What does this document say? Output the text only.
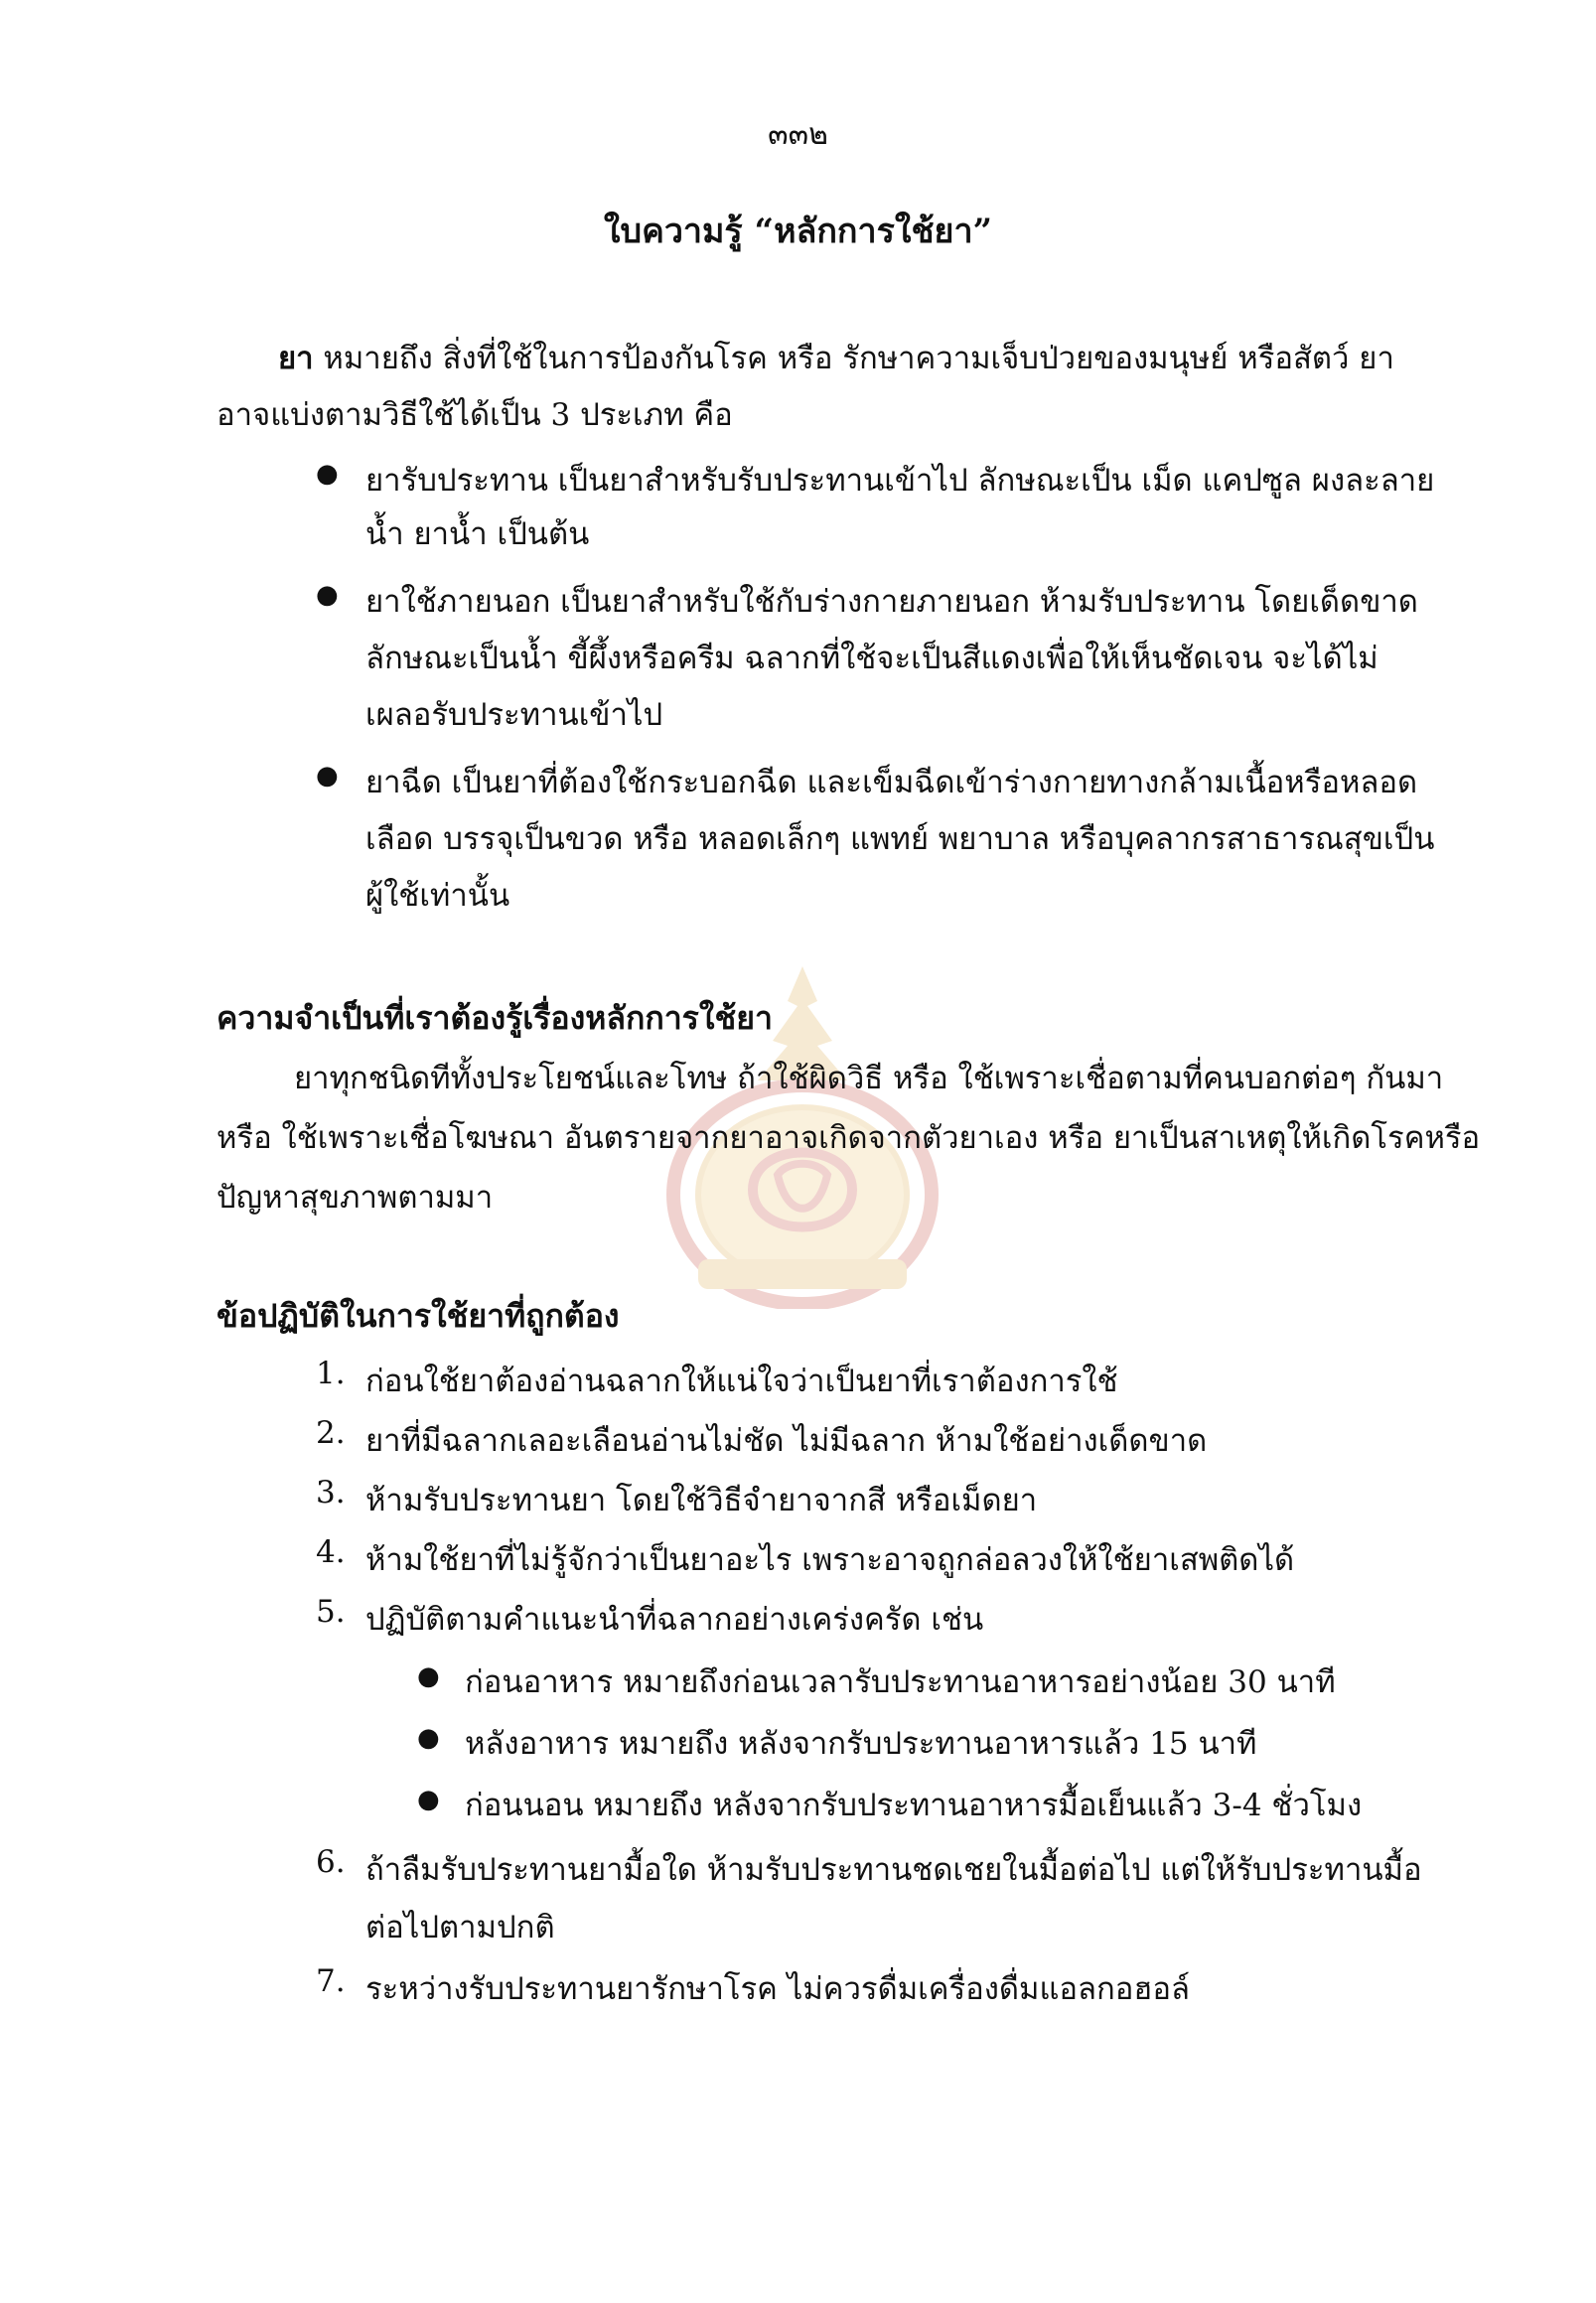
๓๓๒
ใบความรู้ “หลักการใช้ยา”
ยา หมายถึง สิ่งที่ใช้ในการป้องกันโรค หรือ รักษาความเจ็บป่วยของมนุษย์ หรือสัตว์ ยา
อาจแบ่งตามวิธีใช้ได้เป็น 3 ประเภท คือ
● ยารับประทาน เป็นยาสำหรับรับประทานเข้าไป ลักษณะเป็น เม็ด แคปซูล ผงละลาย
น้ำ ยาน้ำ เป็นต้น
● ยาใช้ภายนอก เป็นยาสำหรับใช้กับร่างกายภายนอก ห้ามรับประทาน โดยเด็ดขาด
ลักษณะเป็นน้ำ ขี้ผึ้งหรือครีม ฉลากที่ใช้จะเป็นสีแดงเพื่อให้เห็นชัดเจน จะได้ไม่
เผลอรับประทานเข้าไป
● ยาฉีด เป็นยาที่ต้องใช้กระบอกฉีด และเข็มฉีดเข้าร่างกายทางกล้ามเนื้อหรือหลอด
เลือด บรรจุเป็นขวด หรือ หลอดเล็กๆ แพทย์ พยาบาล หรือบุคลากรสาธารณสุขเป็น
ผู้ใช้เท่านั้น
ความจำเป็นที่เราต้องรู้เรื่องหลักการใช้ยา
ยาทุกชนิดทีทั้งประโยชน์และโทษ ถ้าใช้ผิดวิธี หรือ ใช้เพราะเชื่อตามที่คนบอกต่อๆ กันมา
หรือ ใช้เพราะเชื่อโฆษณา อันตรายจากยาอาจเกิดจากตัวยาเอง หรือ ยาเป็นสาเหตุให้เกิดโรคหรือ
ปัญหาสุขภาพตามมา
ข้อปฏิบัติในการใช้ยาที่ถูกต้อง
1. ก่อนใช้ยาต้องอ่านฉลากให้แน่ใจว่าเป็นยาที่เราต้องการใช้
2. ยาที่มีฉลากเลอะเลือนอ่านไม่ชัด ไม่มีฉลาก ห้ามใช้อย่างเด็ดขาด
3. ห้ามรับประทานยา โดยใช้วิธีจำยาจากสี หรือเม็ดยา
4. ห้ามใช้ยาที่ไม่รู้จักว่าเป็นยาอะไร เพราะอาจถูกล่อลวงให้ใช้ยาเสพติดได้
5. ปฏิบัติตามคำแนะนำที่ฉลากอย่างเคร่งครัด เช่น
● ก่อนอาหาร หมายถึงก่อนเวลารับประทานอาหารอย่างน้อย 30 นาที
● หลังอาหาร หมายถึง หลังจากรับประทานอาหารแล้ว 15 นาที
● ก่อนนอน หมายถึง หลังจากรับประทานอาหารมื้อเย็นแล้ว 3-4 ชั่วโมง
6. ถ้าลืมรับประทานยามื้อใด ห้ามรับประทานชดเชยในมื้อต่อไป แต่ให้รับประทานมื้อ
ต่อไปตามปกติ
7. ระหว่างรับประทานยารักษาโรค ไม่ควรดื่มเครื่องดื่มแอลกอฮอล์
